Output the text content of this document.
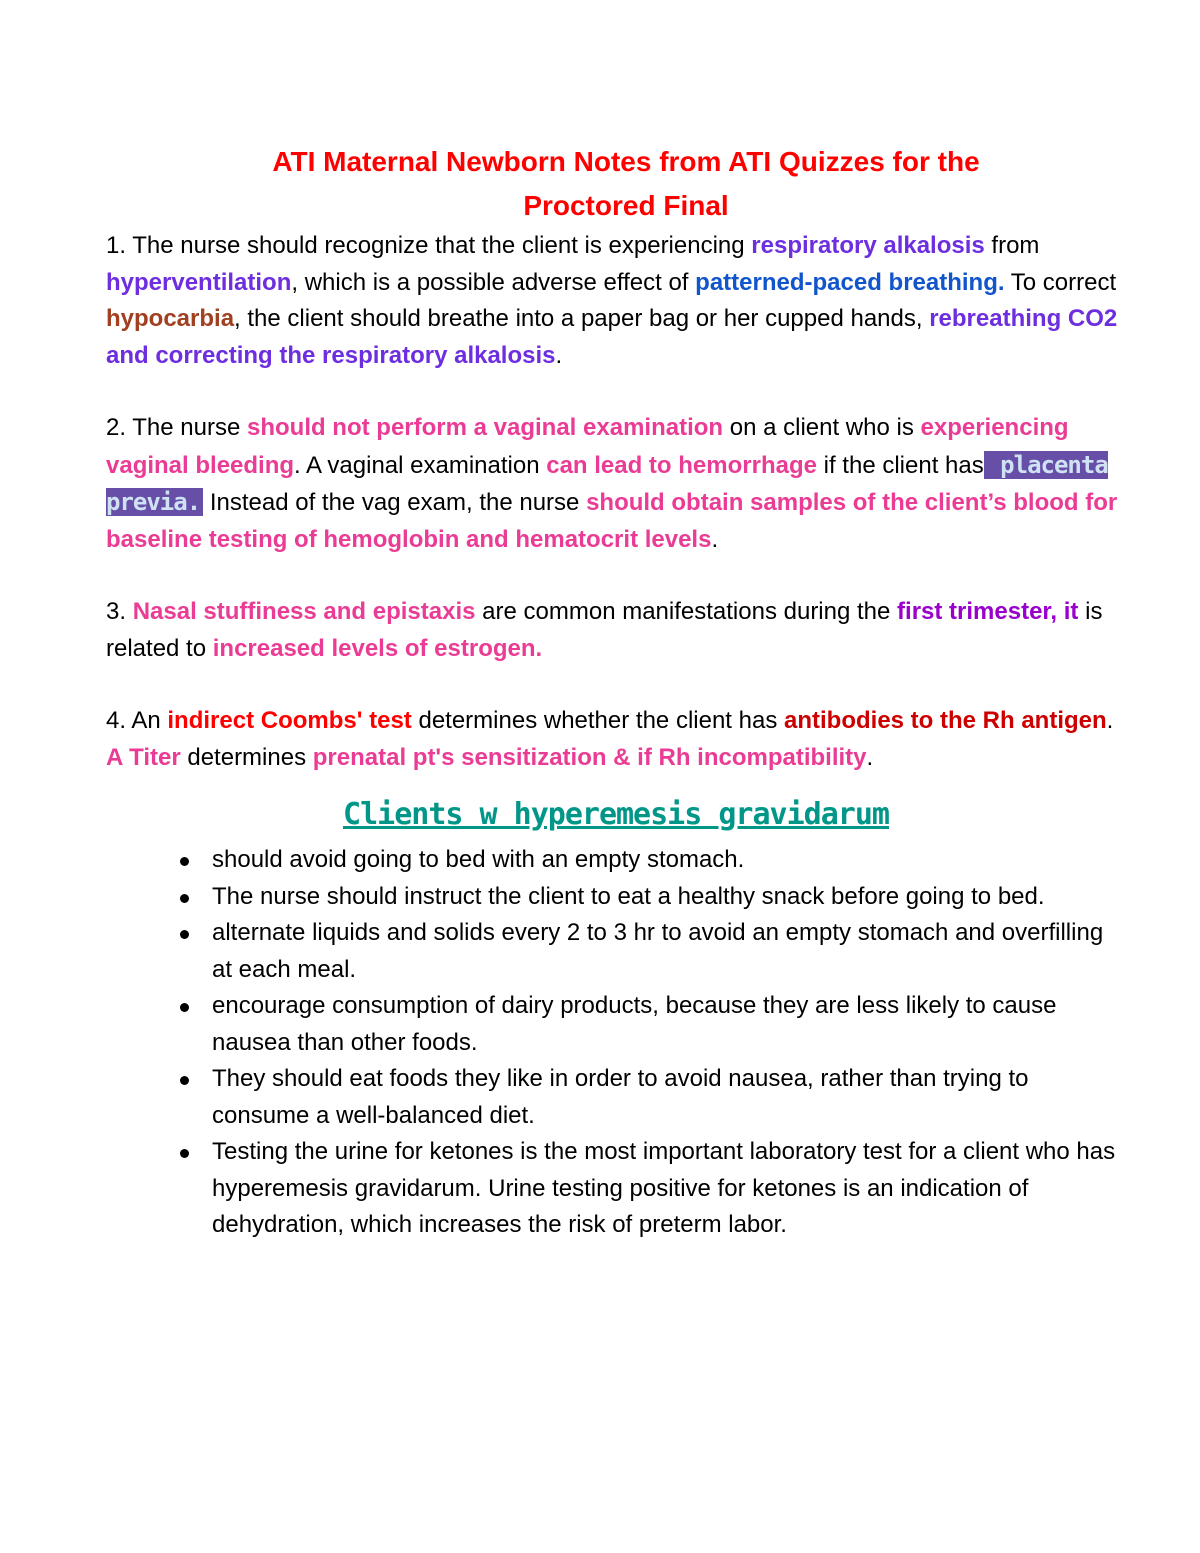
ATI Maternal Newborn Notes from ATI Quizzes for the
Proctored Final

1. The nurse should recognize that the client is experiencing respiratory alkalosis from hyperventilation, which is a possible adverse effect of patterned-paced breathing. To correct hypocarbia, the client should breathe into a paper bag or her cupped hands, rebreathing CO2 and correcting the respiratory alkalosis.

2. The nurse should not perform a vaginal examination on a client who is experiencing vaginal bleeding. A vaginal examination can lead to hemorrhage if the client has placenta previa. Instead of the vag exam, the nurse should obtain samples of the client’s blood for baseline testing of hemoglobin and hematocrit levels.

3. Nasal stuffiness and epistaxis are common manifestations during the first trimester, it is related to increased levels of estrogen.

4. An indirect Coombs' test determines whether the client has antibodies to the Rh antigen. A Titer determines prenatal pt's sensitization & if Rh incompatibility.

Clients w hyperemesis gravidarum
should avoid going to bed with an empty stomach.
The nurse should instruct the client to eat a healthy snack before going to bed.
alternate liquids and solids every 2 to 3 hr to avoid an empty stomach and overfilling at each meal.
encourage consumption of dairy products, because they are less likely to cause nausea than other foods.
They should eat foods they like in order to avoid nausea, rather than trying to consume a well-balanced diet.
Testing the urine for ketones is the most important laboratory test for a client who has hyperemesis gravidarum. Urine testing positive for ketones is an indication of dehydration, which increases the risk of preterm labor.
